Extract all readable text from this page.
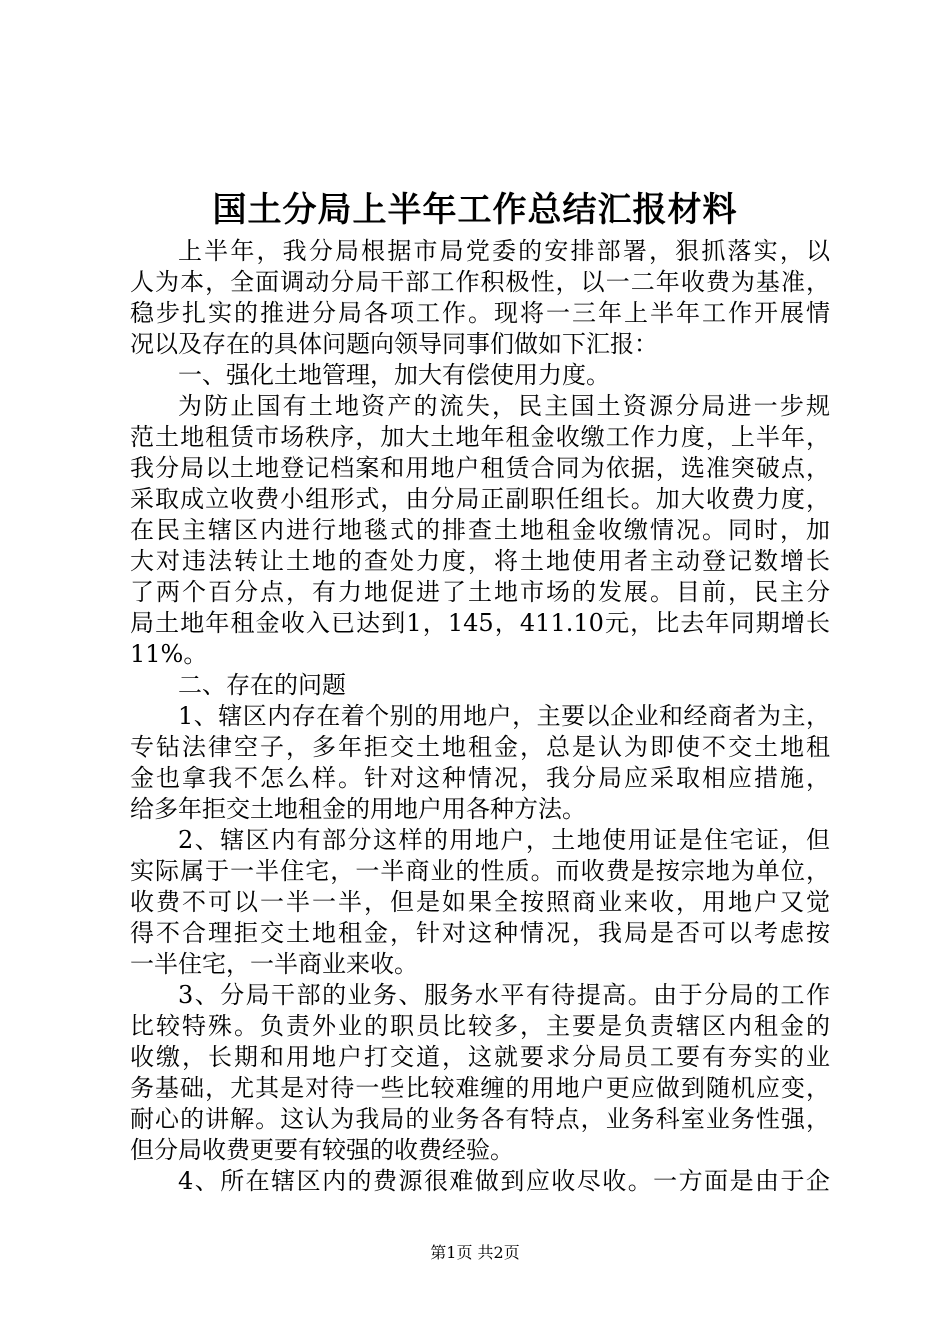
国土分局上半年工作总结汇报材料
上半年，我分局根据市局党委的安排部署，狠抓落实，以
人为本，全面调动分局干部工作积极性，以一二年收费为基准，
稳步扎实的推进分局各项工作。现将一三年上半年工作开展情
况以及存在的具体问题向领导同事们做如下汇报：
一、强化土地管理，加大有偿使用力度。
为防止国有土地资产的流失，民主国土资源分局进一步规
范土地租赁市场秩序，加大土地年租金收缴工作力度，上半年，
我分局以土地登记档案和用地户租赁合同为依据，选准突破点，
采取成立收费小组形式，由分局正副职任组长。加大收费力度，
在民主辖区内进行地毯式的排查土地租金收缴情况。同时，加
大对违法转让土地的查处力度，将土地使用者主动登记数增长
了两个百分点，有力地促进了土地市场的发展。目前，民主分
局土地年租金收入已达到1，145，411.10元，比去年同期增长
11%。
二、存在的问题
1、辖区内存在着个别的用地户，主要以企业和经商者为主，
专钻法律空子，多年拒交土地租金，总是认为即使不交土地租
金也拿我不怎么样。针对这种情况，我分局应采取相应措施，
给多年拒交土地租金的用地户用各种方法。
2、辖区内有部分这样的用地户，土地使用证是住宅证，但
实际属于一半住宅，一半商业的性质。而收费是按宗地为单位，
收费不可以一半一半，但是如果全按照商业来收，用地户又觉
得不合理拒交土地租金，针对这种情况，我局是否可以考虑按
一半住宅，一半商业来收。
3、分局干部的业务、服务水平有待提高。由于分局的工作
比较特殊。负责外业的职员比较多，主要是负责辖区内租金的
收缴，长期和用地户打交道，这就要求分局员工要有夯实的业
务基础，尤其是对待一些比较难缠的用地户更应做到随机应变，
耐心的讲解。这认为我局的业务各有特点，业务科室业务性强，
但分局收费更要有较强的收费经验。
4、所在辖区内的费源很难做到应收尽收。一方面是由于企
第1页 共2页
